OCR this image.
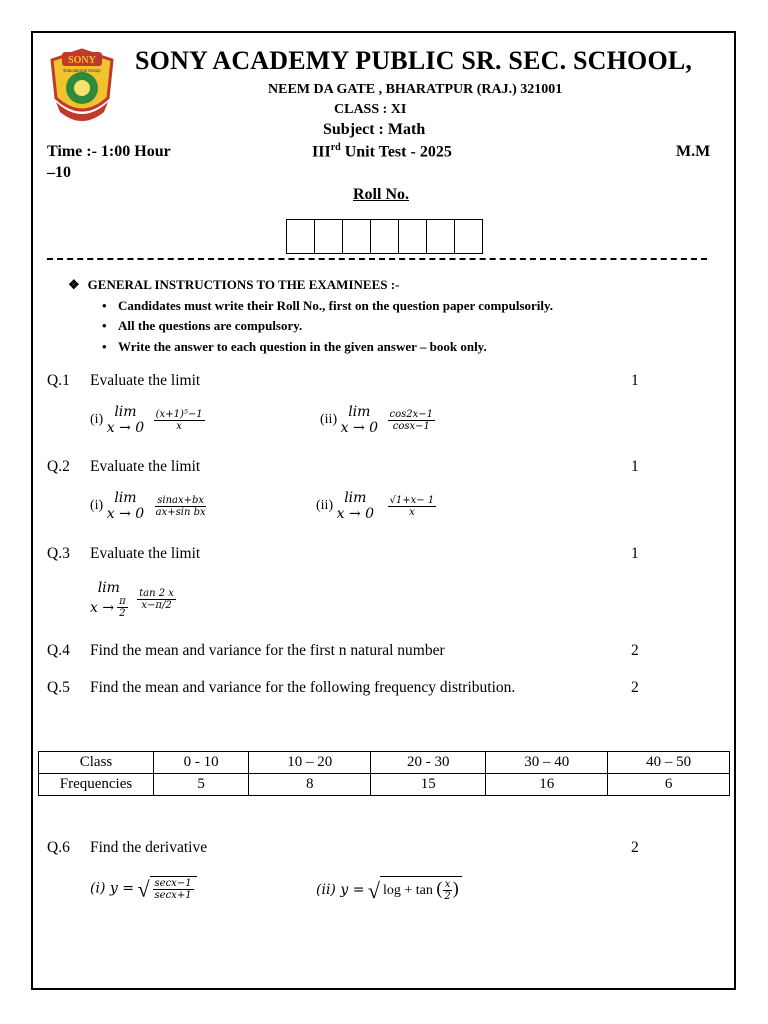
SONY
Educational Group SONY ACADEMY PUBLIC SR. SEC. SCHOOL,
NEEM DA GATE , BHARATPUR (RAJ.) 321001
CLASS : XI
Subject : Math
Time :- 1:00 Hour	IIIrd Unit Test - 2025	M.M
–10
Roll No.
❖ GENERAL INSTRUCTIONS TO THE EXAMINEES :-
• Candidates must write their Roll No., first on the question paper compulsorily.
• All the questions are compulsory.
• Write the answer to each question in the given answer – book only.
Q.1 Evaluate the limit	1
(i) lim
x → 0
$\frac{\text{(x+1)⁵−1}}{x}$	(ii) lim
x → 0
$\frac{\cos 2x-1}{\cos x-1}$
Q.2 Evaluate the limit	1
(i) lim
x → 0
$\frac{\text{sinax+bx}}{\text{ax+sin bx}}$	(ii) lim
x → 0
$\frac{√1+x- 1}{x}$
Q.3 Evaluate the limit	1
lim
$x \to \frac{\pi}{2}$
$\frac{\tan 2 x}{x-\pi/2}$
Q.4 Find the mean and variance for the first n natural number	2
Q.5 Find the mean and variance for the following frequency distribution.	2
Class	0 - 10	10 – 20	20 - 30	30 – 40	40 – 50
Frequencies	5	8	15	16	6
Q.6 Find the derivative	2
(i) y = √ $\frac{\sec x-1}{\sec x+1}$	(ii) y = √ log + tan ( $\frac{x}{2}$ )
